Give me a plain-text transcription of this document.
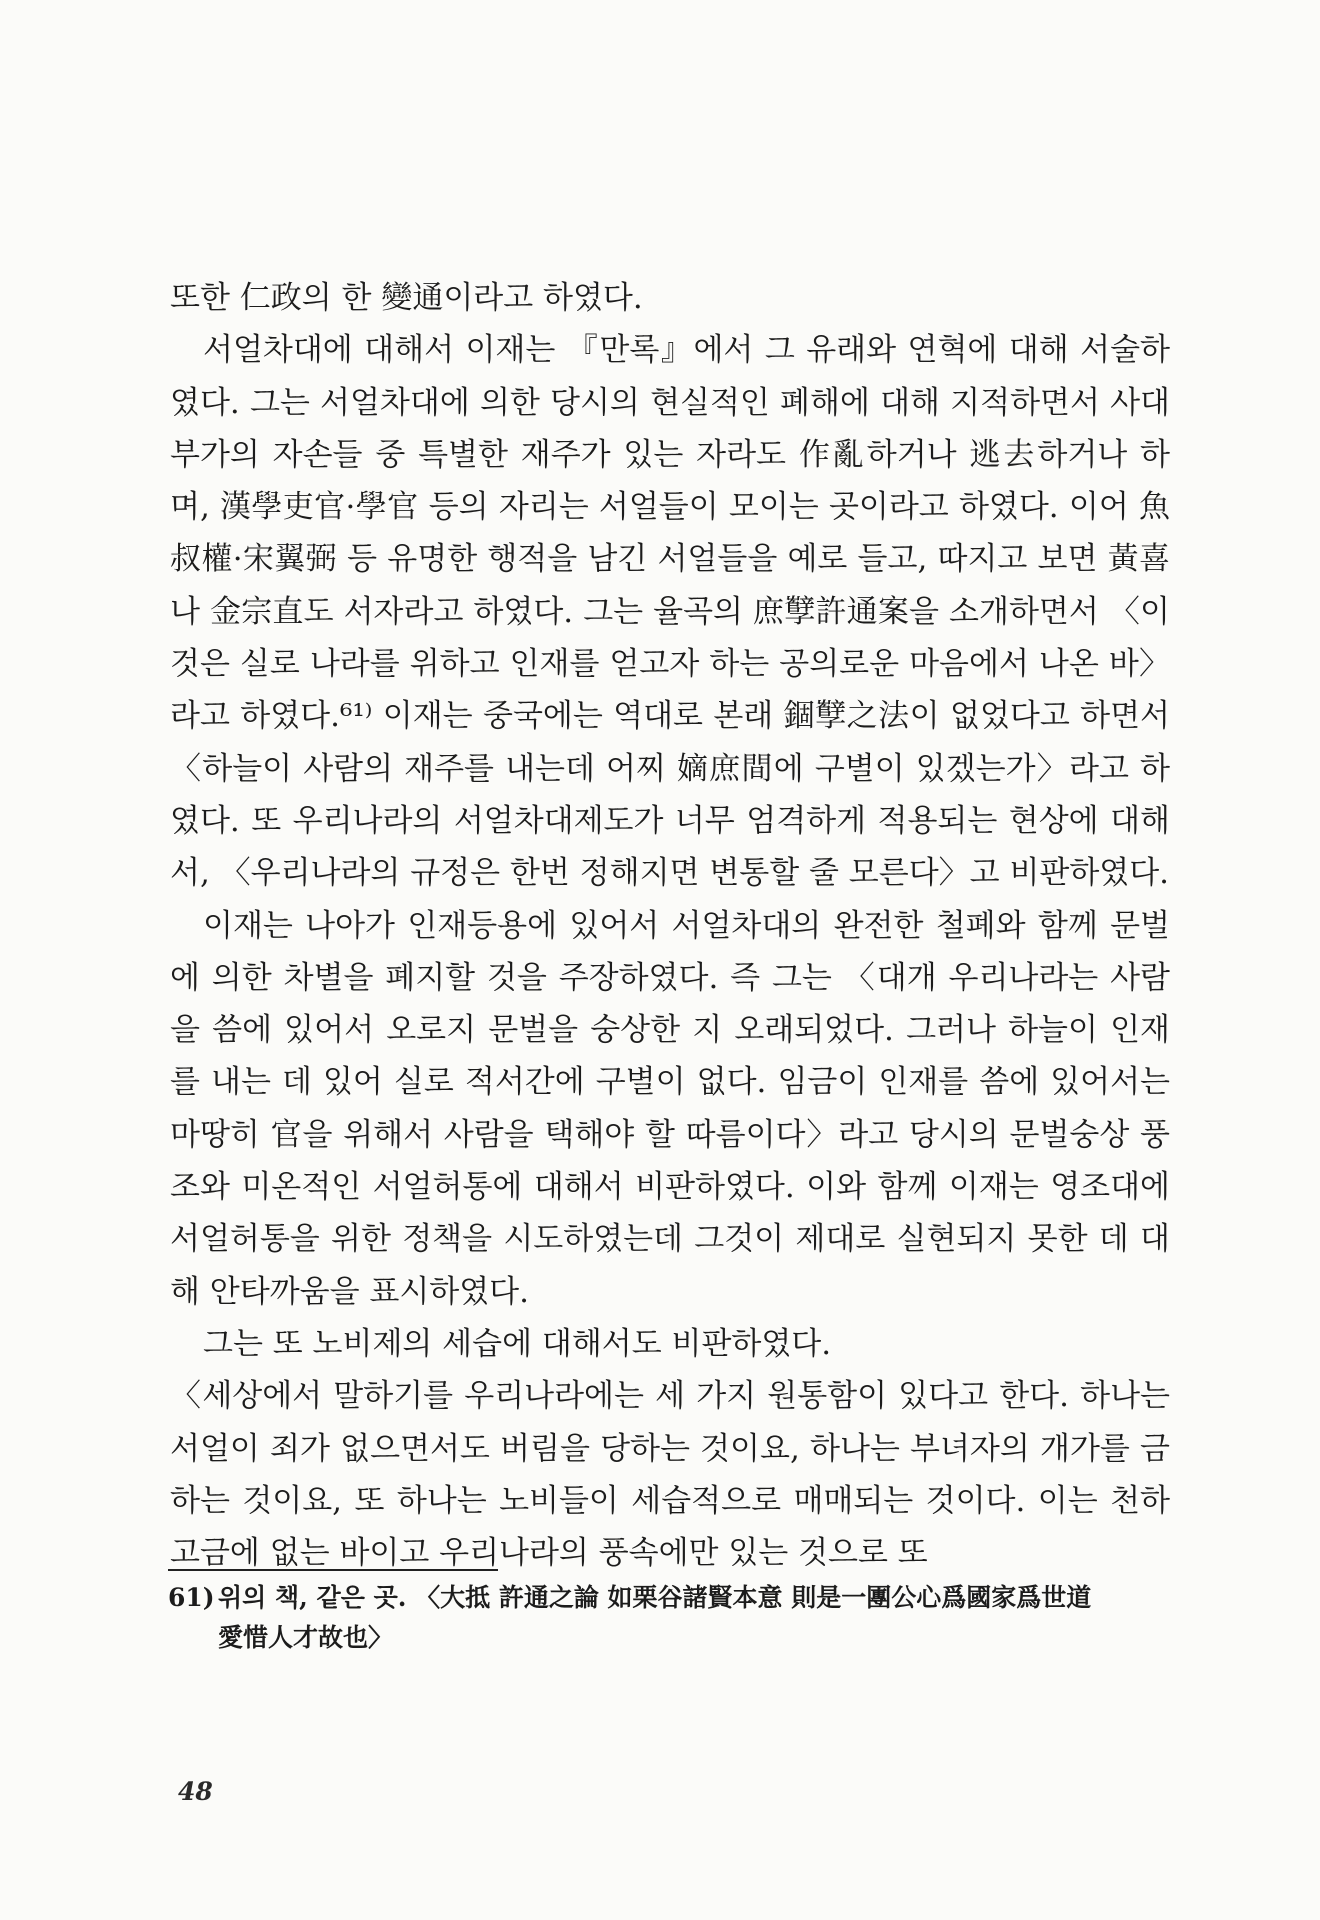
또한 仁政의 한 變通이라고 하였다.

서얼차대에 대해서 이재는 『만록』에서 그 유래와 연혁에 대해 서술하였다. 그는 서얼차대에 의한 당시의 현실적인 폐해에 대해 지적하면서 사대부가의 자손들 중 특별한 재주가 있는 자라도 作亂하거나 逃去하거나 하며, 漢學吏官·學官 등의 자리는 서얼들이 모이는 곳이라고 하였다. 이어 魚叔權·宋翼弼 등 유명한 행적을 남긴 서얼들을 예로 들고, 따지고 보면 黃喜나 金宗直도 서자라고 하였다. 그는 율곡의 庶孼許通案을 소개하면서 〈이것은 실로 나라를 위하고 인재를 얻고자 하는 공의로운 마음에서 나온 바〉라고 하였다.⁶¹⁾ 이재는 중국에는 역대로 본래 錮孼之法이 없었다고 하면서 〈하늘이 사람의 재주를 내는데 어찌 嫡庶間에 구별이 있겠는가〉라고 하였다. 또 우리나라의 서얼차대제도가 너무 엄격하게 적용되는 현상에 대해서, 〈우리나라의 규정은 한번 정해지면 변통할 줄 모른다〉고 비판하였다.

이재는 나아가 인재등용에 있어서 서얼차대의 완전한 철폐와 함께 문벌에 의한 차별을 폐지할 것을 주장하였다. 즉 그는 〈대개 우리나라는 사람을 씀에 있어서 오로지 문벌을 숭상한 지 오래되었다. 그러나 하늘이 인재를 내는 데 있어 실로 적서간에 구별이 없다. 임금이 인재를 씀에 있어서는 마땅히 官을 위해서 사람을 택해야 할 따름이다〉라고 당시의 문벌숭상 풍조와 미온적인 서얼허통에 대해서 비판하였다. 이와 함께 이재는 영조대에 서얼허통을 위한 정책을 시도하였는데 그것이 제대로 실현되지 못한 데 대해 안타까움을 표시하였다.

그는 또 노비제의 세습에 대해서도 비판하였다.

〈세상에서 말하기를 우리나라에는 세 가지 원통함이 있다고 한다. 하나는 서얼이 죄가 없으면서도 버림을 당하는 것이요, 하나는 부녀자의 개가를 금하는 것이요, 또 하나는 노비들이 세습적으로 매매되는 것이다. 이는 천하고금에 없는 바이고 우리나라의 풍속에만 있는 것으로 또

61) 위의 책, 같은 곳. 〈大抵 許通之論 如栗谷諸賢本意 則是一團公心爲國家爲世道
愛惜人才故也〉
48
